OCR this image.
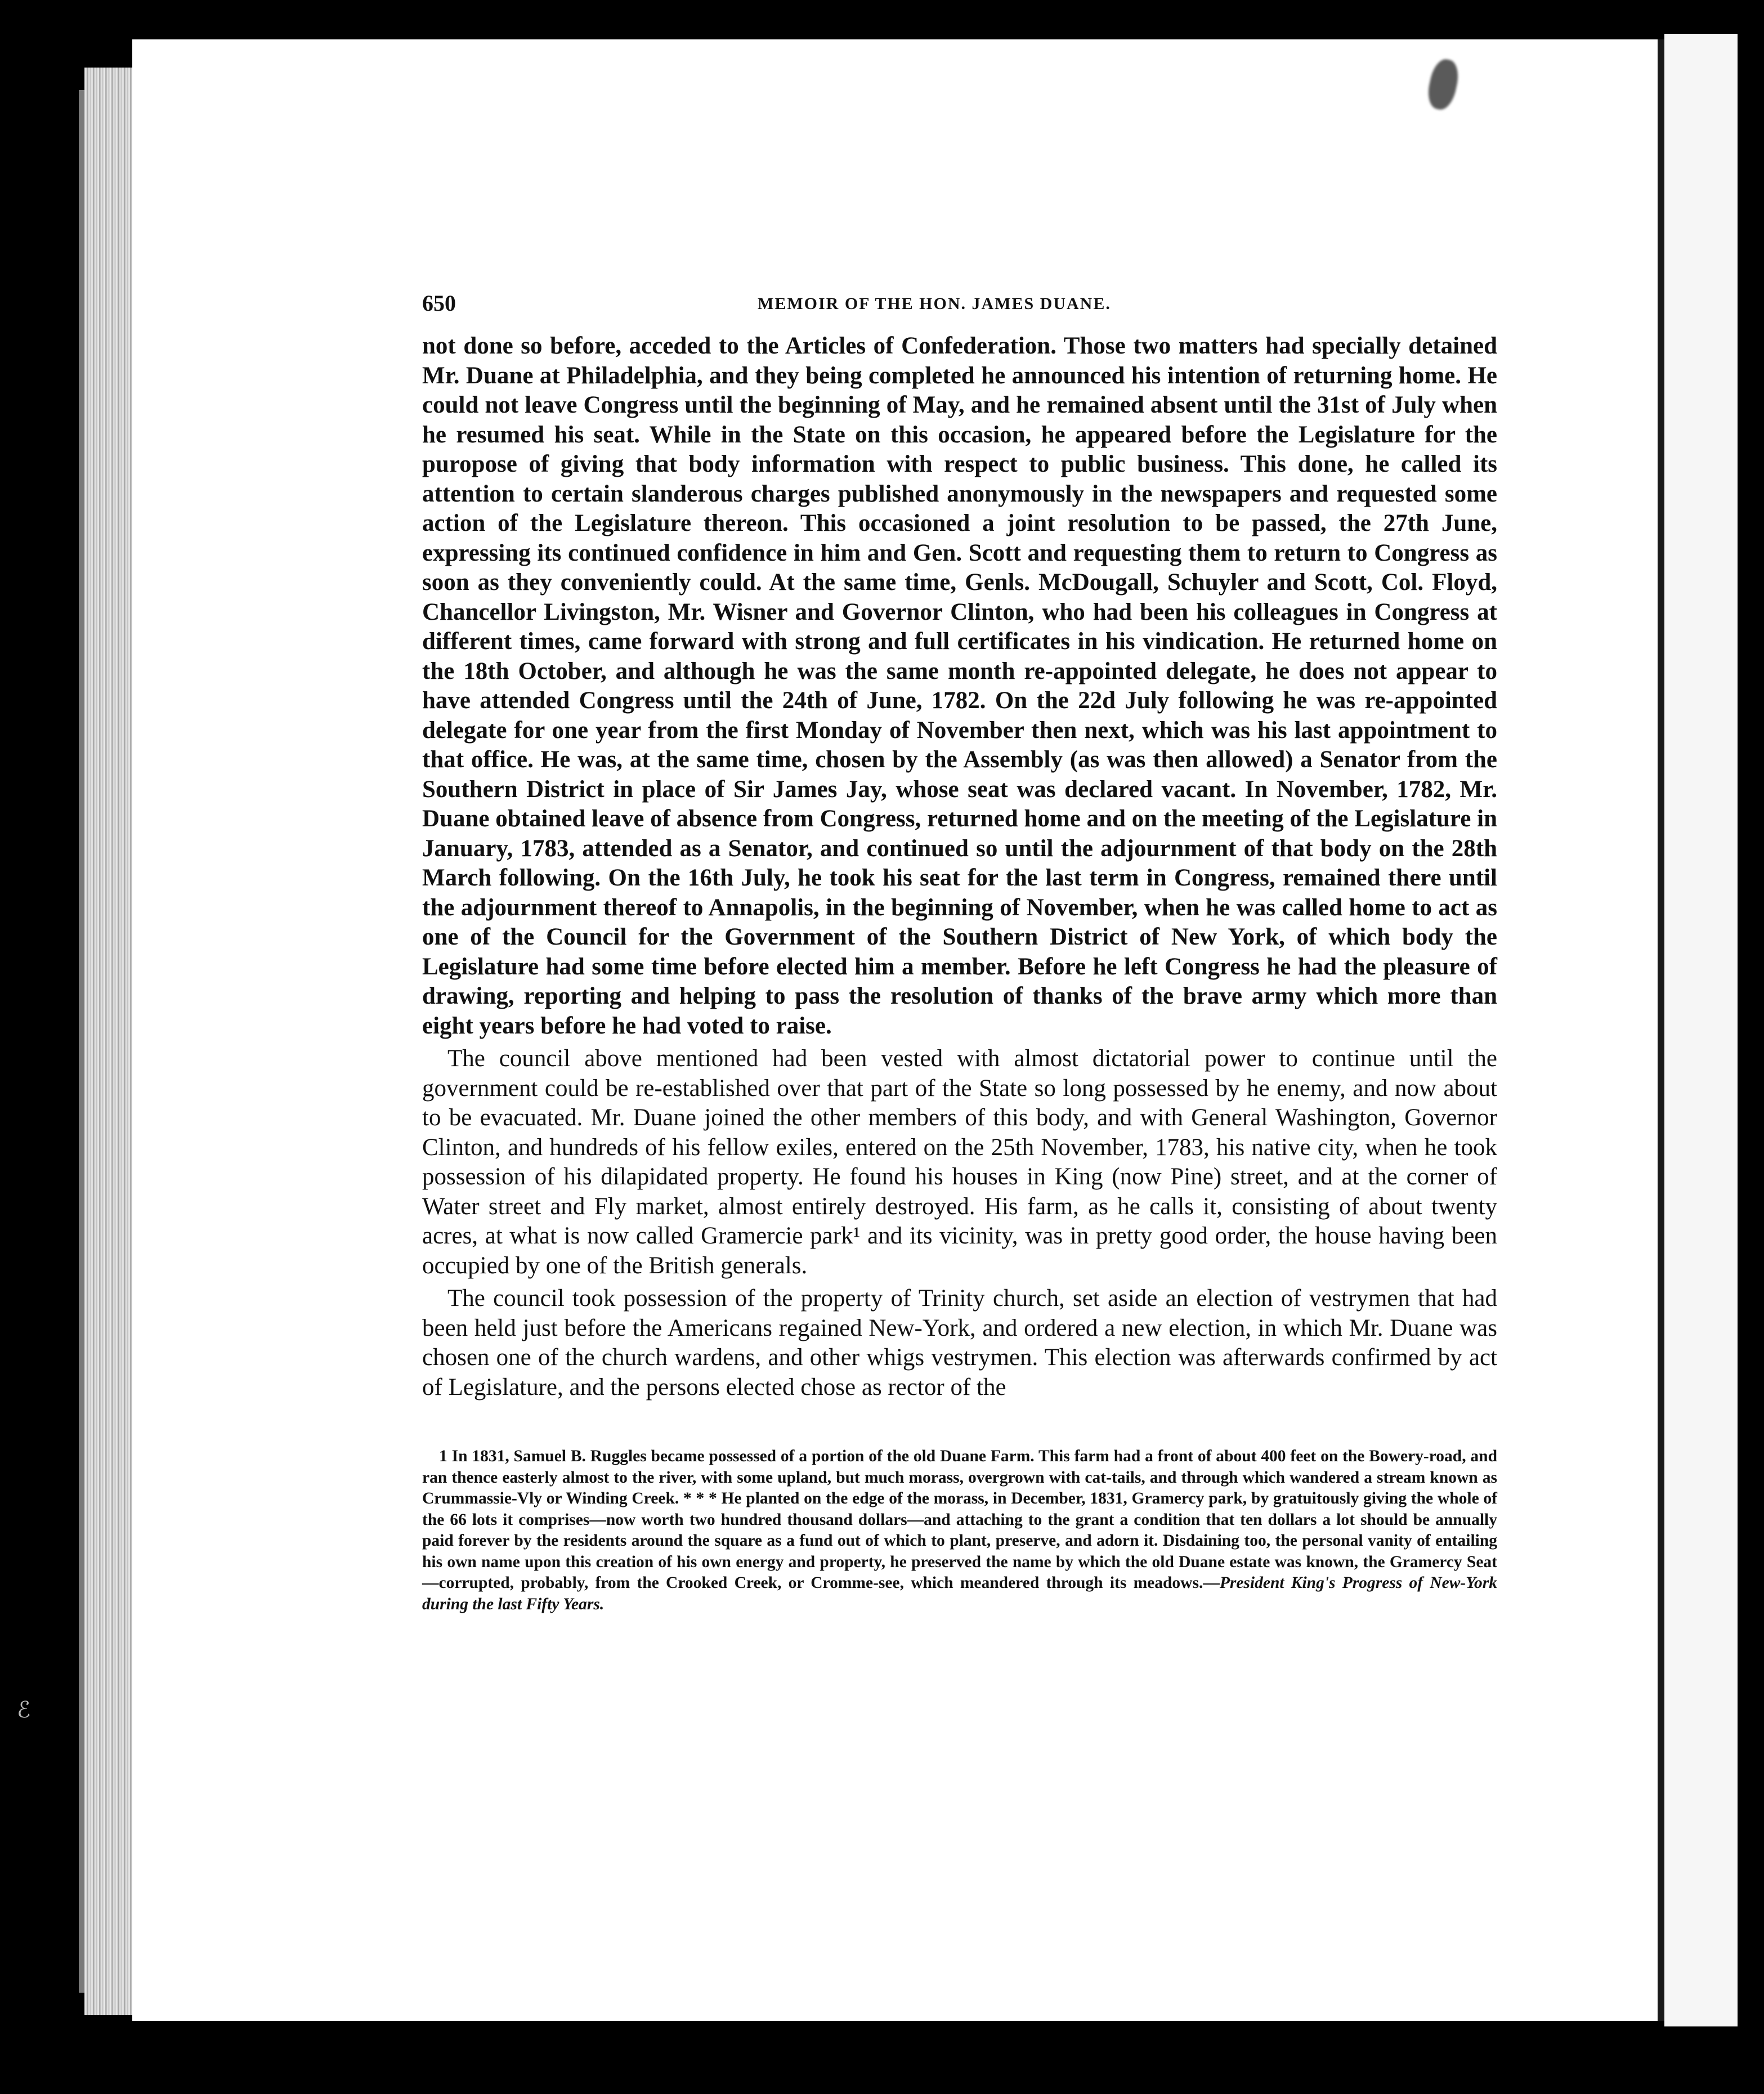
ℰ
650	MEMOIR OF THE HON. JAMES DUANE.

not done so before, acceded to the Articles of Confederation. Those two matters had specially detained Mr. Duane at Philadelphia, and they being completed he announced his intention of returning home. He could not leave Congress until the beginning of May, and he remained absent until the 31st of July when he resumed his seat. While in the State on this occasion, he appeared before the Legislature for the puropose of giving that body information with respect to public business. This done, he called its attention to certain slanderous charges published anonymously in the newspapers and requested some action of the Legislature thereon. This occasioned a joint resolution to be passed, the 27th June, expressing its continued confidence in him and Gen. Scott and requesting them to return to Congress as soon as they conveniently could. At the same time, Genls. McDougall, Schuyler and Scott, Col. Floyd, Chancellor Livingston, Mr. Wisner and Governor Clinton, who had been his colleagues in Congress at different times, came forward with strong and full certificates in his vindication. He returned home on the 18th October, and although he was the same month re-appointed delegate, he does not appear to have attended Congress until the 24th of June, 1782. On the 22d July following he was re-appointed delegate for one year from the first Monday of November then next, which was his last appointment to that office. He was, at the same time, chosen by the Assembly (as was then allowed) a Senator from the Southern District in place of Sir James Jay, whose seat was declared vacant. In November, 1782, Mr. Duane obtained leave of absence from Congress, returned home and on the meeting of the Legislature in January, 1783, attended as a Senator, and continued so until the adjournment of that body on the 28th March following. On the 16th July, he took his seat for the last term in Congress, remained there until the adjournment thereof to Annapolis, in the beginning of November, when he was called home to act as one of the Council for the Government of the Southern District of New York, of which body the Legislature had some time before elected him a member. Before he left Congress he had the pleasure of drawing, reporting and helping to pass the resolution of thanks of the brave army which more than eight years before he had voted to raise.

The council above mentioned had been vested with almost dictatorial power to continue until the government could be re-established over that part of the State so long possessed by he enemy, and now about to be evacuated. Mr. Duane joined the other members of this body, and with General Washington, Governor Clinton, and hundreds of his fellow exiles, entered on the 25th November, 1783, his native city, when he took possession of his dilapidated property. He found his houses in King (now Pine) street, and at the corner of Water street and Fly market, almost entirely destroyed. His farm, as he calls it, consisting of about twenty acres, at what is now called Gramercie park¹ and its vicinity, was in pretty good order, the house having been occupied by one of the British generals.

The council took possession of the property of Trinity church, set aside an election of vestrymen that had been held just before the Americans regained New-York, and ordered a new election, in which Mr. Duane was chosen one of the church wardens, and other whigs vestrymen. This election was afterwards confirmed by act of Legislature, and the persons elected chose as rector of the

1 In 1831, Samuel B. Ruggles became possessed of a portion of the old Duane Farm. This farm had a front of about 400 feet on the Bowery-road, and ran thence easterly almost to the river, with some upland, but much morass, overgrown with cat-tails, and through which wandered a stream known as Crummassie-Vly or Winding Creek. * * * He planted on the edge of the morass, in December, 1831, Gramercy park, by gratuitously giving the whole of the 66 lots it comprises—now worth two hundred thousand dollars—and attaching to the grant a condition that ten dollars a lot should be annually paid forever by the residents around the square as a fund out of which to plant, preserve, and adorn it. Disdaining too, the personal vanity of entailing his own name upon this creation of his own energy and property, he preserved the name by which the old Duane estate was known, the Gramercy Seat—corrupted, probably, from the Crooked Creek, or Cromme-see, which meandered through its meadows.—President King's Progress of New-York during the last Fifty Years.
